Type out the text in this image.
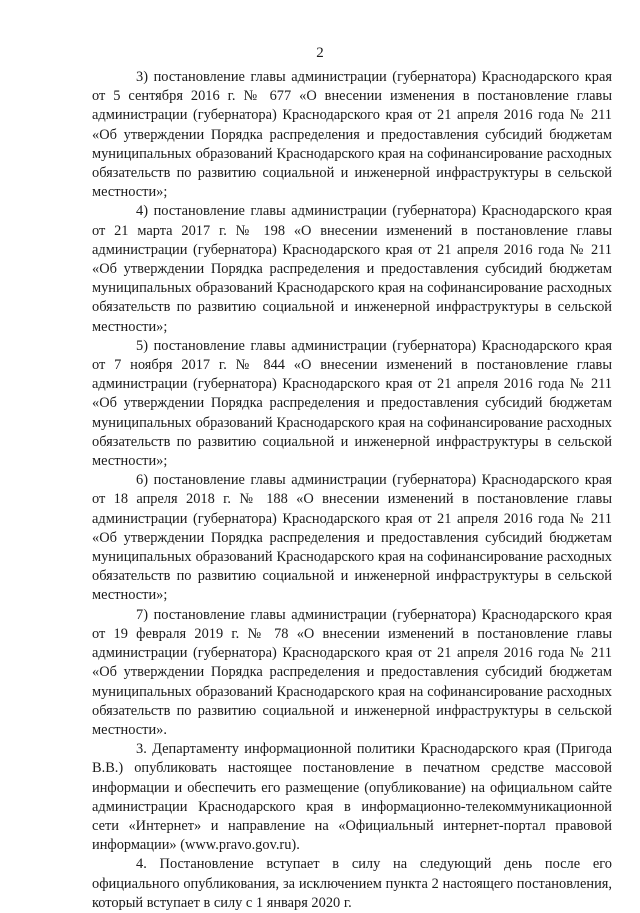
2

3) постановление главы администрации (губернатора) Краснодарского края от 5 сентября 2016 г. № 677 «О внесении изменения в постановление главы администрации (губернатора) Краснодарского края от 21 апреля 2016 года № 211 «Об утверждении Порядка распределения и предоставления субсидий бюджетам муниципальных образований Краснодарского края на софинансирование расходных обязательств по развитию социальной и инженерной инфраструктуры в сельской местности»;

4) постановление главы администрации (губернатора) Краснодарского края от 21 марта 2017 г. № 198 «О внесении изменений в постановление главы администрации (губернатора) Краснодарского края от 21 апреля 2016 года № 211 «Об утверждении Порядка распределения и предоставления субсидий бюджетам муниципальных образований Краснодарского края на софинансирование расходных обязательств по развитию социальной и инженерной инфраструктуры в сельской местности»;

5) постановление главы администрации (губернатора) Краснодарского края от 7 ноября 2017 г. № 844 «О внесении изменений в постановление главы администрации (губернатора) Краснодарского края от 21 апреля 2016 года № 211 «Об утверждении Порядка распределения и предоставления субсидий бюджетам муниципальных образований Краснодарского края на софинансирование расходных обязательств по развитию социальной и инженерной инфраструктуры в сельской местности»;

6) постановление главы администрации (губернатора) Краснодарского края от 18 апреля 2018 г. № 188 «О внесении изменений в постановление главы администрации (губернатора) Краснодарского края от 21 апреля 2016 года № 211 «Об утверждении Порядка распределения и предоставления субсидий бюджетам муниципальных образований Краснодарского края на софинансирование расходных обязательств по развитию социальной и инженерной инфраструктуры в сельской местности»;

7) постановление главы администрации (губернатора) Краснодарского края от 19 февраля 2019 г. № 78 «О внесении изменений в постановление главы администрации (губернатора) Краснодарского края от 21 апреля 2016 года № 211 «Об утверждении Порядка распределения и предоставления субсидий бюджетам муниципальных образований Краснодарского края на софинансирование расходных обязательств по развитию социальной и инженерной инфраструктуры в сельской местности».

3. Департаменту информационной политики Краснодарского края (Пригода В.В.) опубликовать настоящее постановление в печатном средстве массовой информации и обеспечить его размещение (опубликование) на официальном сайте администрации Краснодарского края в информационно-телекоммуникационной сети «Интернет» и направление на «Официальный интернет-портал правовой информации» (www.pravo.gov.ru).

4. Постановление вступает в силу на следующий день после его официального опубликования, за исключением пункта 2 настоящего постановления, который вступает в силу с 1 января 2020 г.
